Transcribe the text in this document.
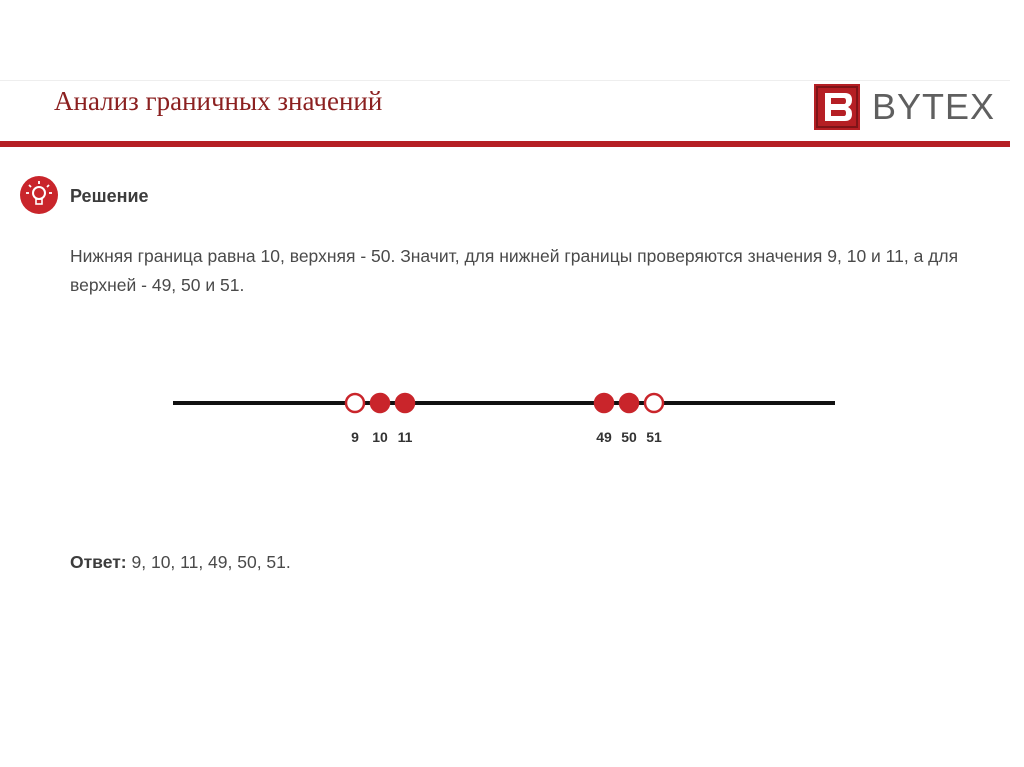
Анализ граничных значений	BYTEX
Решение
Нижняя граница равна 10, верхняя - 50. Значит, для нижней границы проверяются значения 9, 10 и 11, а для верхней - 49, 50 и 51.
9 10 11	49 50 51
Ответ: 9, 10, 11, 49, 50, 51.
